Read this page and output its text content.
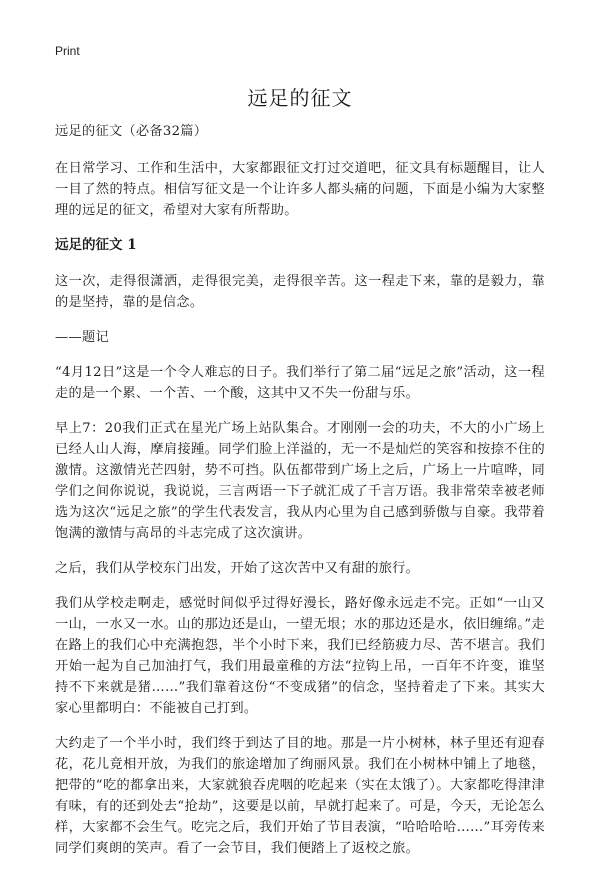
Print
远足的征文

远足的征文（必备32篇）

在日常学习、工作和生活中，大家都跟征文打过交道吧，征文具有标题醒目，让人一目了然的特点。相信写征文是一个让许多人都头痛的问题，下面是小编为大家整理的远足的征文，希望对大家有所帮助。

远足的征文 1

这一次，走得很潇洒，走得很完美，走得很辛苦。这一程走下来，靠的是毅力，靠的是坚持，靠的是信念。

——题记

“4月12日”这是一个令人难忘的日子。我们举行了第二届“远足之旅”活动，这一程走的是一个累、一个苦、一个酸，这其中又不失一份甜与乐。

早上7：20我们正式在星光广场上站队集合。才刚刚一会的功夫，不大的小广场上已经人山人海，摩肩接踵。同学们脸上洋溢的，无一不是灿烂的笑容和按捺不住的激情。这激情光芒四射，势不可挡。队伍都带到广场上之后，广场上一片喧哗，同学们之间你说说，我说说，三言两语一下子就汇成了千言万语。我非常荣幸被老师选为这次“远足之旅”的学生代表发言，我从内心里为自己感到骄傲与自豪。我带着饱满的激情与高昂的斗志完成了这次演讲。

之后，我们从学校东门出发，开始了这次苦中又有甜的旅行。

我们从学校走啊走，感觉时间似乎过得好漫长，路好像永远走不完。正如“一山又一山，一水又一水。山的那边还是山，一望无垠；水的那边还是水，依旧缠绵。”走在路上的我们心中充满抱怨，半个小时下来，我们已经筋疲力尽、苦不堪言。我们开始一起为自己加油打气，我们用最童稚的方法“拉钩上吊，一百年不许变，谁坚持不下来就是猪……”我们靠着这份“不变成猪”的信念，坚持着走了下来。其实大家心里都明白：不能被自己打到。

大约走了一个半小时，我们终于到达了目的地。那是一片小树林，林子里还有迎春花，花儿竟相开放，为我们的旅途增加了绚丽风景。我们在小树林中铺上了地毯，把带的“吃的都拿出来，大家就狼吞虎咽的吃起来（实在太饿了）。大家都吃得津津有味，有的还到处去“抢劫”，这要是以前，早就打起来了。可是，今天，无论怎么样，大家都不会生气。吃完之后，我们开始了节目表演，“哈哈哈哈……”耳旁传来同学们爽朗的笑声。看了一会节目，我们便踏上了返校之旅。
